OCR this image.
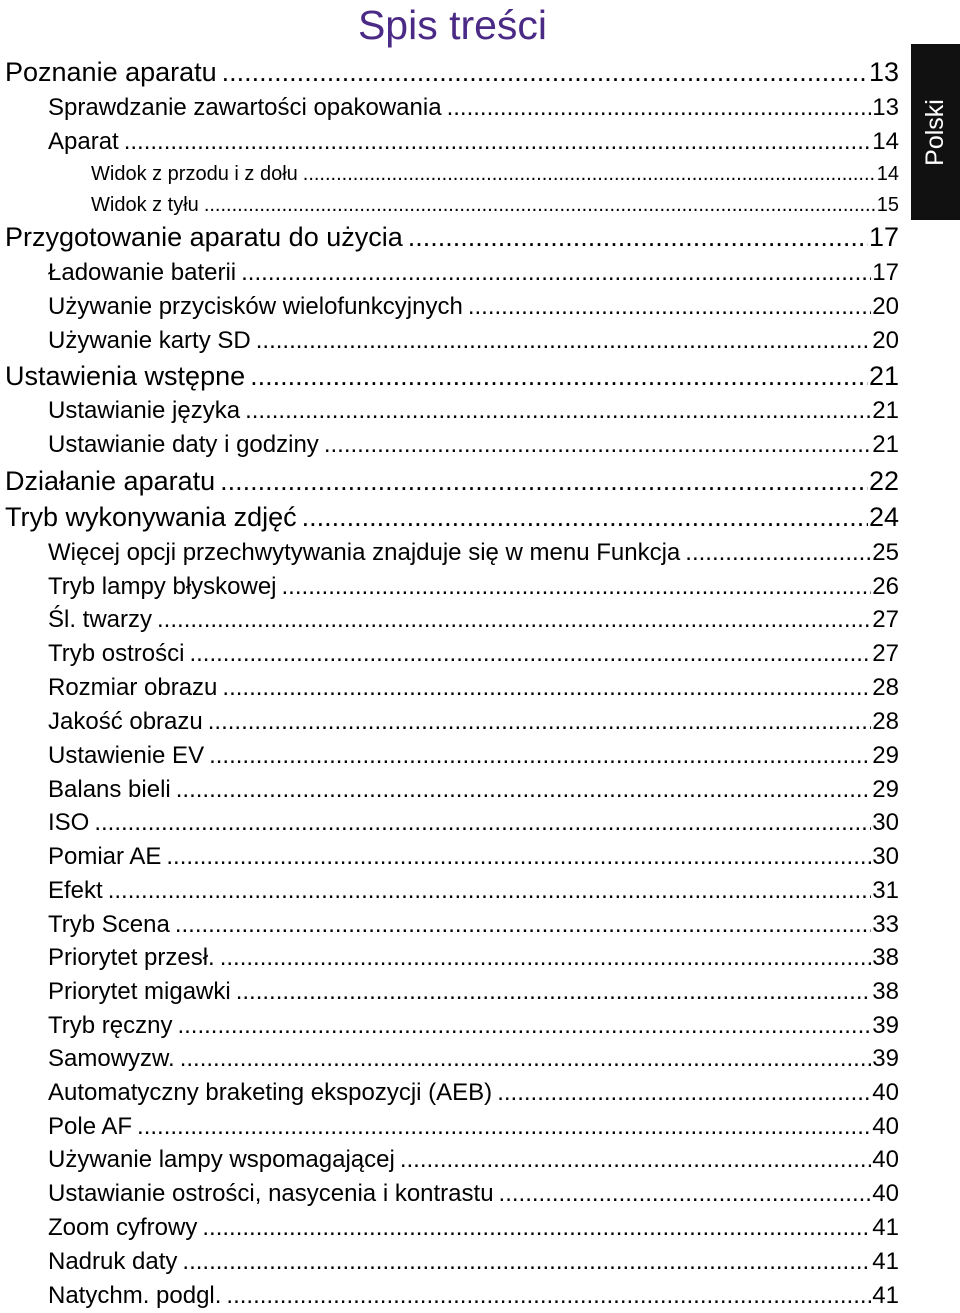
Spis treści
Polski
Poznanie aparatu .....	13
Sprawdzanie zawartości opakowania .....	13
Aparat .....	14
Widok z przodu i z dołu .....	14
Widok z tyłu .....	15
Przygotowanie aparatu do użycia .....	17
Ładowanie baterii .....	17
Używanie przycisków wielofunkcyjnych .....	20
Używanie karty SD .....	20
Ustawienia wstępne .....	21
Ustawianie języka .....	21
Ustawianie daty i godziny .....	21
Działanie aparatu .....	22
Tryb wykonywania zdjęć .....	24
Więcej opcji przechwytywania znajduje się w menu Funkcja .....	25
Tryb lampy błyskowej .....	26
Śl. twarzy .....	27
Tryb ostrości .....	27
Rozmiar obrazu .....	28
Jakość obrazu .....	28
Ustawienie EV .....	29
Balans bieli .....	29
ISO .....	30
Pomiar AE .....	30
Efekt .....	31
Tryb Scena .....	33
Priorytet przesł. .....	38
Priorytet migawki .....	38
Tryb ręczny .....	39
Samowyzw. .....	39
Automatyczny braketing ekspozycji (AEB) .....	40
Pole AF .....	40
Używanie lampy wspomagającej .....	40
Ustawianie ostrości, nasycenia i kontrastu .....	40
Zoom cyfrowy .....	41
Nadruk daty .....	41
Natychm. podgl. .....	41
